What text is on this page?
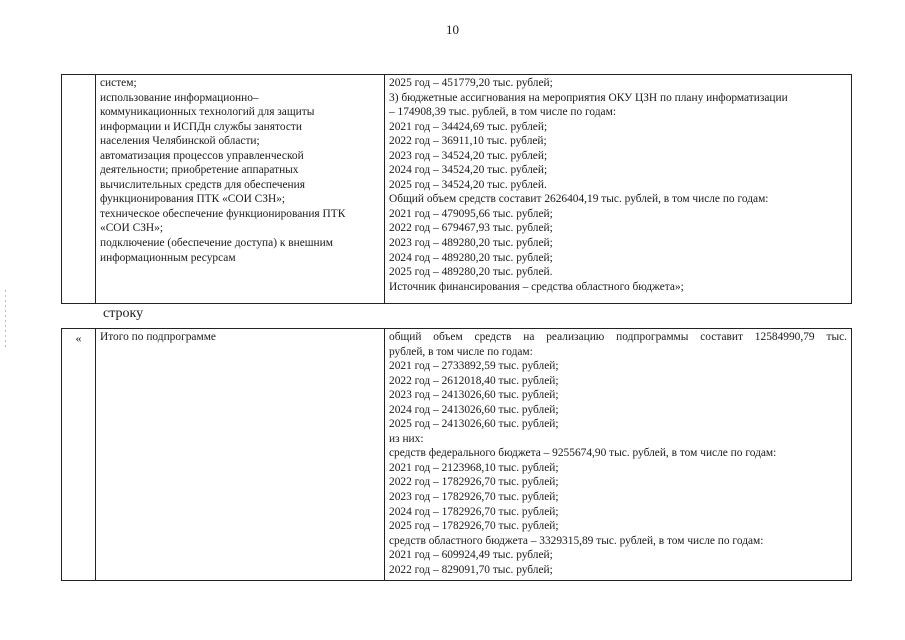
10
систем;
использование информационно–
коммуникационных технологий для защиты
информации и ИСПДн службы занятости
населения Челябинской области;
автоматизация процессов управленческой
деятельности; приобретение аппаратных
вычислительных средств для обеспечения
функционирования ПТК «СОИ СЗН»;
техническое обеспечение функционирования ПТК
«СОИ СЗН»;
подключение (обеспечение доступа) к внешним
информационным ресурсам
2025 год – 451779,20 тыс. рублей;
3) бюджетные ассигнования на мероприятия ОКУ ЦЗН по плану информатизации
– 174908,39 тыс. рублей, в том числе по годам:
2021 год – 34424,69 тыс. рублей;
2022 год – 36911,10 тыс. рублей;
2023 год – 34524,20 тыс. рублей;
2024 год – 34524,20 тыс. рублей;
2025 год – 34524,20 тыс. рублей.
Общий объем средств составит 2626404,19 тыс. рублей, в том числе по годам:
2021 год – 479095,66 тыс. рублей;
2022 год – 679467,93 тыс. рублей;
2023 год – 489280,20 тыс. рублей;
2024 год – 489280,20 тыс. рублей;
2025 год – 489280,20 тыс. рублей.
Источник финансирования – средства областного бюджета»;
строку
«	Итого по подпрограмме	общий объем средств на реализацию подпрограммы составит 12584990,79 тыс.
рублей, в том числе по годам:
2021 год – 2733892,59 тыс. рублей;
2022 год – 2612018,40 тыс. рублей;
2023 год – 2413026,60 тыс. рублей;
2024 год – 2413026,60 тыс. рублей;
2025 год – 2413026,60 тыс. рублей;
из них:
средств федерального бюджета – 9255674,90 тыс. рублей, в том числе по годам:
2021 год – 2123968,10 тыс. рублей;
2022 год – 1782926,70 тыс. рублей;
2023 год – 1782926,70 тыс. рублей;
2024 год – 1782926,70 тыс. рублей;
2025 год – 1782926,70 тыс. рублей;
средств областного бюджета – 3329315,89 тыс. рублей, в том числе по годам:
2021 год – 609924,49 тыс. рублей;
2022 год – 829091,70 тыс. рублей;
